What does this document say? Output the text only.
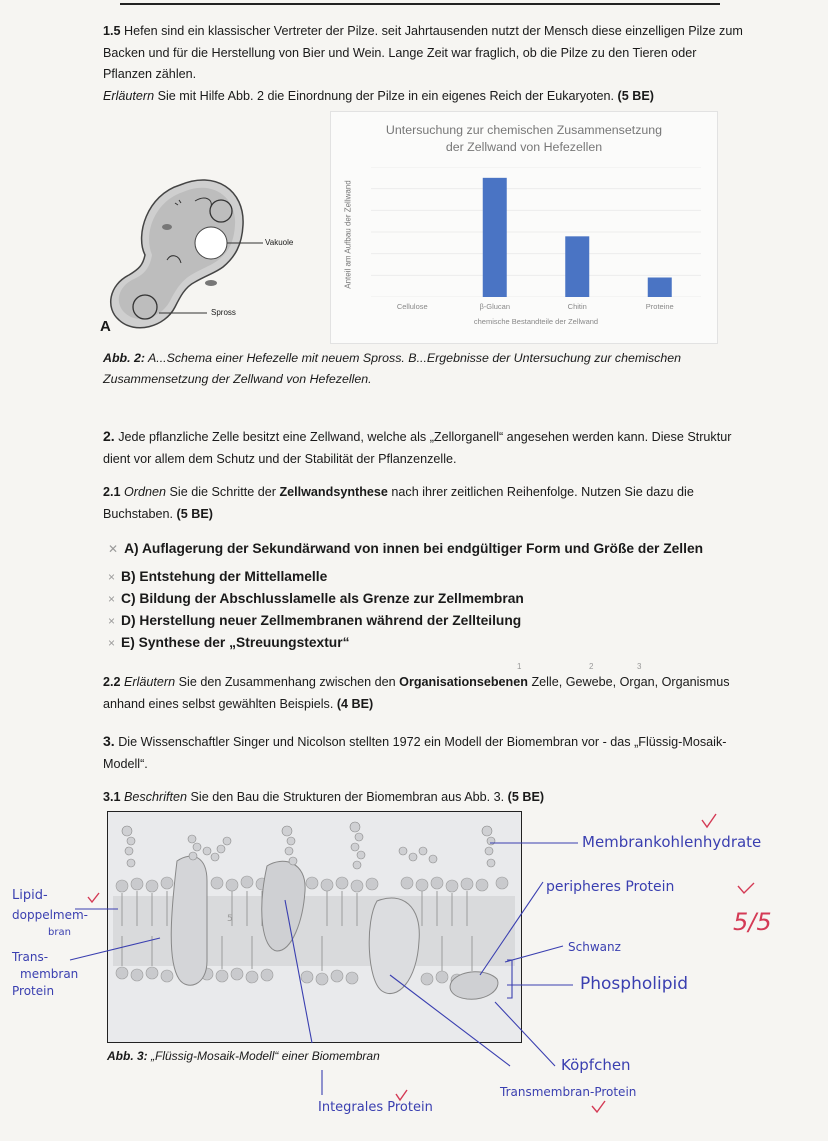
1.5 Hefen sind ein klassischer Vertreter der Pilze. seit Jahrtausenden nutzt der Mensch diese einzelligen Pilze zum Backen und für die Herstellung von Bier und Wein. Lange Zeit war fraglich, ob die Pilze zu den Tieren oder Pflanzen zählen.
Erläutern Sie mit Hilfe Abb. 2 die Einordnung der Pilze in ein eigenes Reich der Eukaryoten. (5 BE)
Vakuole
Spross
A
Untersuchung zur chemischen Zusammensetzung
der Zellwand von Hefezellen
Anteil am Aufbau der Zellwand
Cellulose	β-Glucan	Chitin	Proteine
chemische Bestandteile der Zellwand
Abb. 2: A...Schema einer Hefezelle mit neuem Spross. B...Ergebnisse der Untersuchung zur chemischen Zusammensetzung der Zellwand von Hefezellen.
2. Jede pflanzliche Zelle besitzt eine Zellwand, welche als „Zellorganell“ angesehen werden kann. Diese Struktur dient vor allem dem Schutz und der Stabilität der Pflanzenzelle.
2.1 Ordnen Sie die Schritte der Zellwandsynthese nach ihrer zeitlichen Reihenfolge. Nutzen Sie dazu die Buchstaben. (5 BE)
✕ A) Auflagerung der Sekundärwand von innen bei endgültiger Form und Größe der Zellen
× B) Entstehung der Mittellamelle
× C) Bildung der Abschlusslamelle als Grenze zur Zellmembran
× D) Herstellung neuer Zellmembranen während der Zellteilung
× E) Synthese der „Streuungstextur“
1	2	3
2.2 Erläutern Sie den Zusammenhang zwischen den Organisationsebenen Zelle, Gewebe, Organ, Organismus anhand eines selbst gewählten Beispiels. (4 BE)
3. Die Wissenschaftler Singer und Nicolson stellten 1972 ein Modell der Biomembran vor - das „Flüssig-Mosaik-Modell“.
3.1 Beschriften Sie den Bau die Strukturen der Biomembran aus Abb. 3. (5 BE)
5
Abb. 3: „Flüssig-Mosaik-Modell“ einer Biomembran
Membrankohlenhydrate
peripheres Protein
Schwanz
Phospholipid
Köpfchen
Transmembran-Protein
Integrales Protein
Lipid-
doppelmem-
bran
Trans-
membran
Protein
5/5
